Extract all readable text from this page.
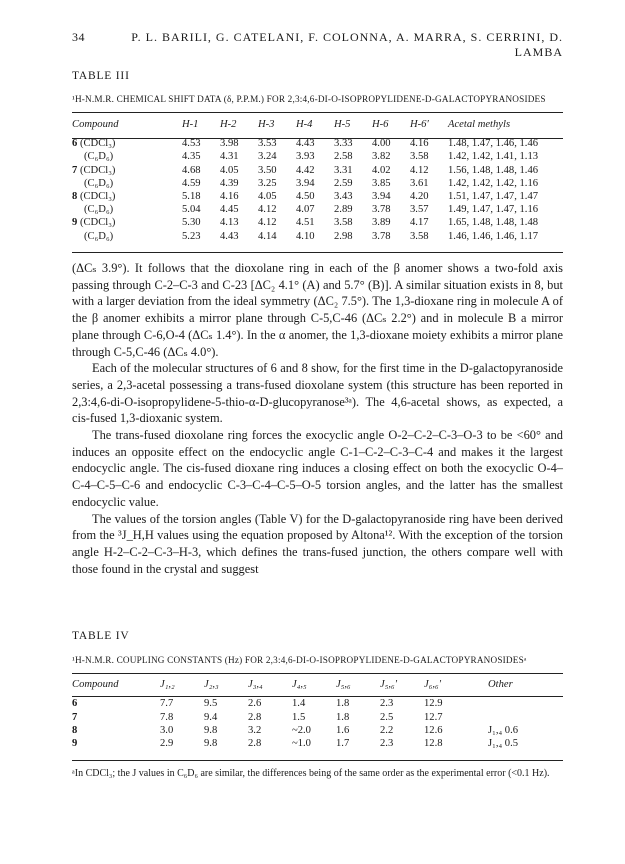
34	P. L. BARILI, G. CATELANI, F. COLONNA, A. MARRA, S. CERRINI, D. LAMBA
TABLE III
¹H-N.M.R. CHEMICAL SHIFT DATA (δ, P.P.M.) FOR 2,3:4,6-DI-O-ISOPROPYLIDENE-D-GALACTOPYRANOSIDES
Compound	H-1	H-2	H-3	H-4	H-5	H-6	H-6′	Acetal methyls
6 (CDCl₃)	4.53	3.98	3.53	4.43	3.33	4.00	4.16	1.48, 1.47, 1.46, 1.46
(C₆D₆)	4.35	4.31	3.24	3.93	2.58	3.82	3.58	1.42, 1.42, 1.41, 1.13
7 (CDCl₃)	4.68	4.05	3.50	4.42	3.31	4.02	4.12	1.56, 1.48, 1.48, 1.46
(C₆D₆)	4.59	4.39	3.25	3.94	2.59	3.85	3.61	1.42, 1.42, 1.42, 1.16
8 (CDCl₃)	5.18	4.16	4.05	4.50	3.43	3.94	4.20	1.51, 1.47, 1.47, 1.47
(C₆D₆)	5.04	4.45	4.12	4.07	2.89	3.78	3.57	1.49, 1.47, 1.47, 1.16
9 (CDCl₃)	5.30	4.13	4.12	4.51	3.58	3.89	4.17	1.65, 1.48, 1.48, 1.48
(C₆D₆)	5.23	4.43	4.14	4.10	2.98	3.78	3.58	1.46, 1.46, 1.46, 1.17

(ΔCₛ 3.9°). It follows that the dioxolane ring in each of the β anomer shows a two-fold axis passing through C-2–C-3 and C-23 [ΔC₂ 4.1° (A) and 5.7° (B)]. A similar situation exists in 8, but with a larger deviation from the ideal symmetry (ΔC₂ 7.5°). The 1,3-dioxane ring in molecule A of the β anomer exhibits a mirror plane through C-5,C-46 (ΔCₛ 2.2°) and in molecule B a mirror plane through C-6,O-4 (ΔCₛ 1.4°). In the α anomer, the 1,3-dioxane moiety exhibits a mirror plane through C-5,C-46 (ΔCₛ 4.0°).

Each of the molecular structures of 6 and 8 show, for the first time in the D-galactopyranoside series, a 2,3-acetal possessing a trans-fused dioxolane system (this structure has been reported in 2,3:4,6-di-O-isopropylidene-5-thio-α-D-glucopyranose³ᵃ). The 4,6-acetal shows, as expected, a cis-fused 1,3-dioxanic system.

The trans-fused dioxolane ring forces the exocyclic angle O-2–C-2–C-3–O-3 to be <60° and induces an opposite effect on the endocyclic angle C-1–C-2–C-3–C-4 and makes it the largest endocyclic angle. The cis-fused dioxane ring induces a closing effect on both the exocyclic O-4–C-4–C-5–C-6 and endocyclic C-3–C-4–C-5–O-5 torsion angles, and the latter has the smallest endocyclic value.

The values of the torsion angles (Table V) for the D-galactopyranoside ring have been derived from the ³J_H,H values using the equation proposed by Altona¹². With the exception of the torsion angle H-2–C-2–C-3–H-3, which defines the trans-fused junction, the others compare well with those found in the crystal and suggest

TABLE IV
¹H-N.M.R. COUPLING CONSTANTS (Hz) FOR 2,3:4,6-DI-O-ISOPROPYLIDENE-D-GALACTOPYRANOSIDESᵃ
Compound	J₁,₂	J₂,₃	J₃,₄	J₄,₅	J₅,₆	J₅,₆′	J₆,₆′	Other
6	7.7	9.5	2.6	1.4	1.8	2.3	12.9	
7	7.8	9.4	2.8	1.5	1.8	2.5	12.7	
8	3.0	9.8	3.2	~2.0	1.6	2.2	12.6	J₁,₄ 0.6
9	2.9	9.8	2.8	~1.0	1.7	2.3	12.8	J₁,₄ 0.5
ᵃIn CDCl₃; the J values in C₆D₆ are similar, the differences being of the same order as the experimental error (<0.1 Hz).
